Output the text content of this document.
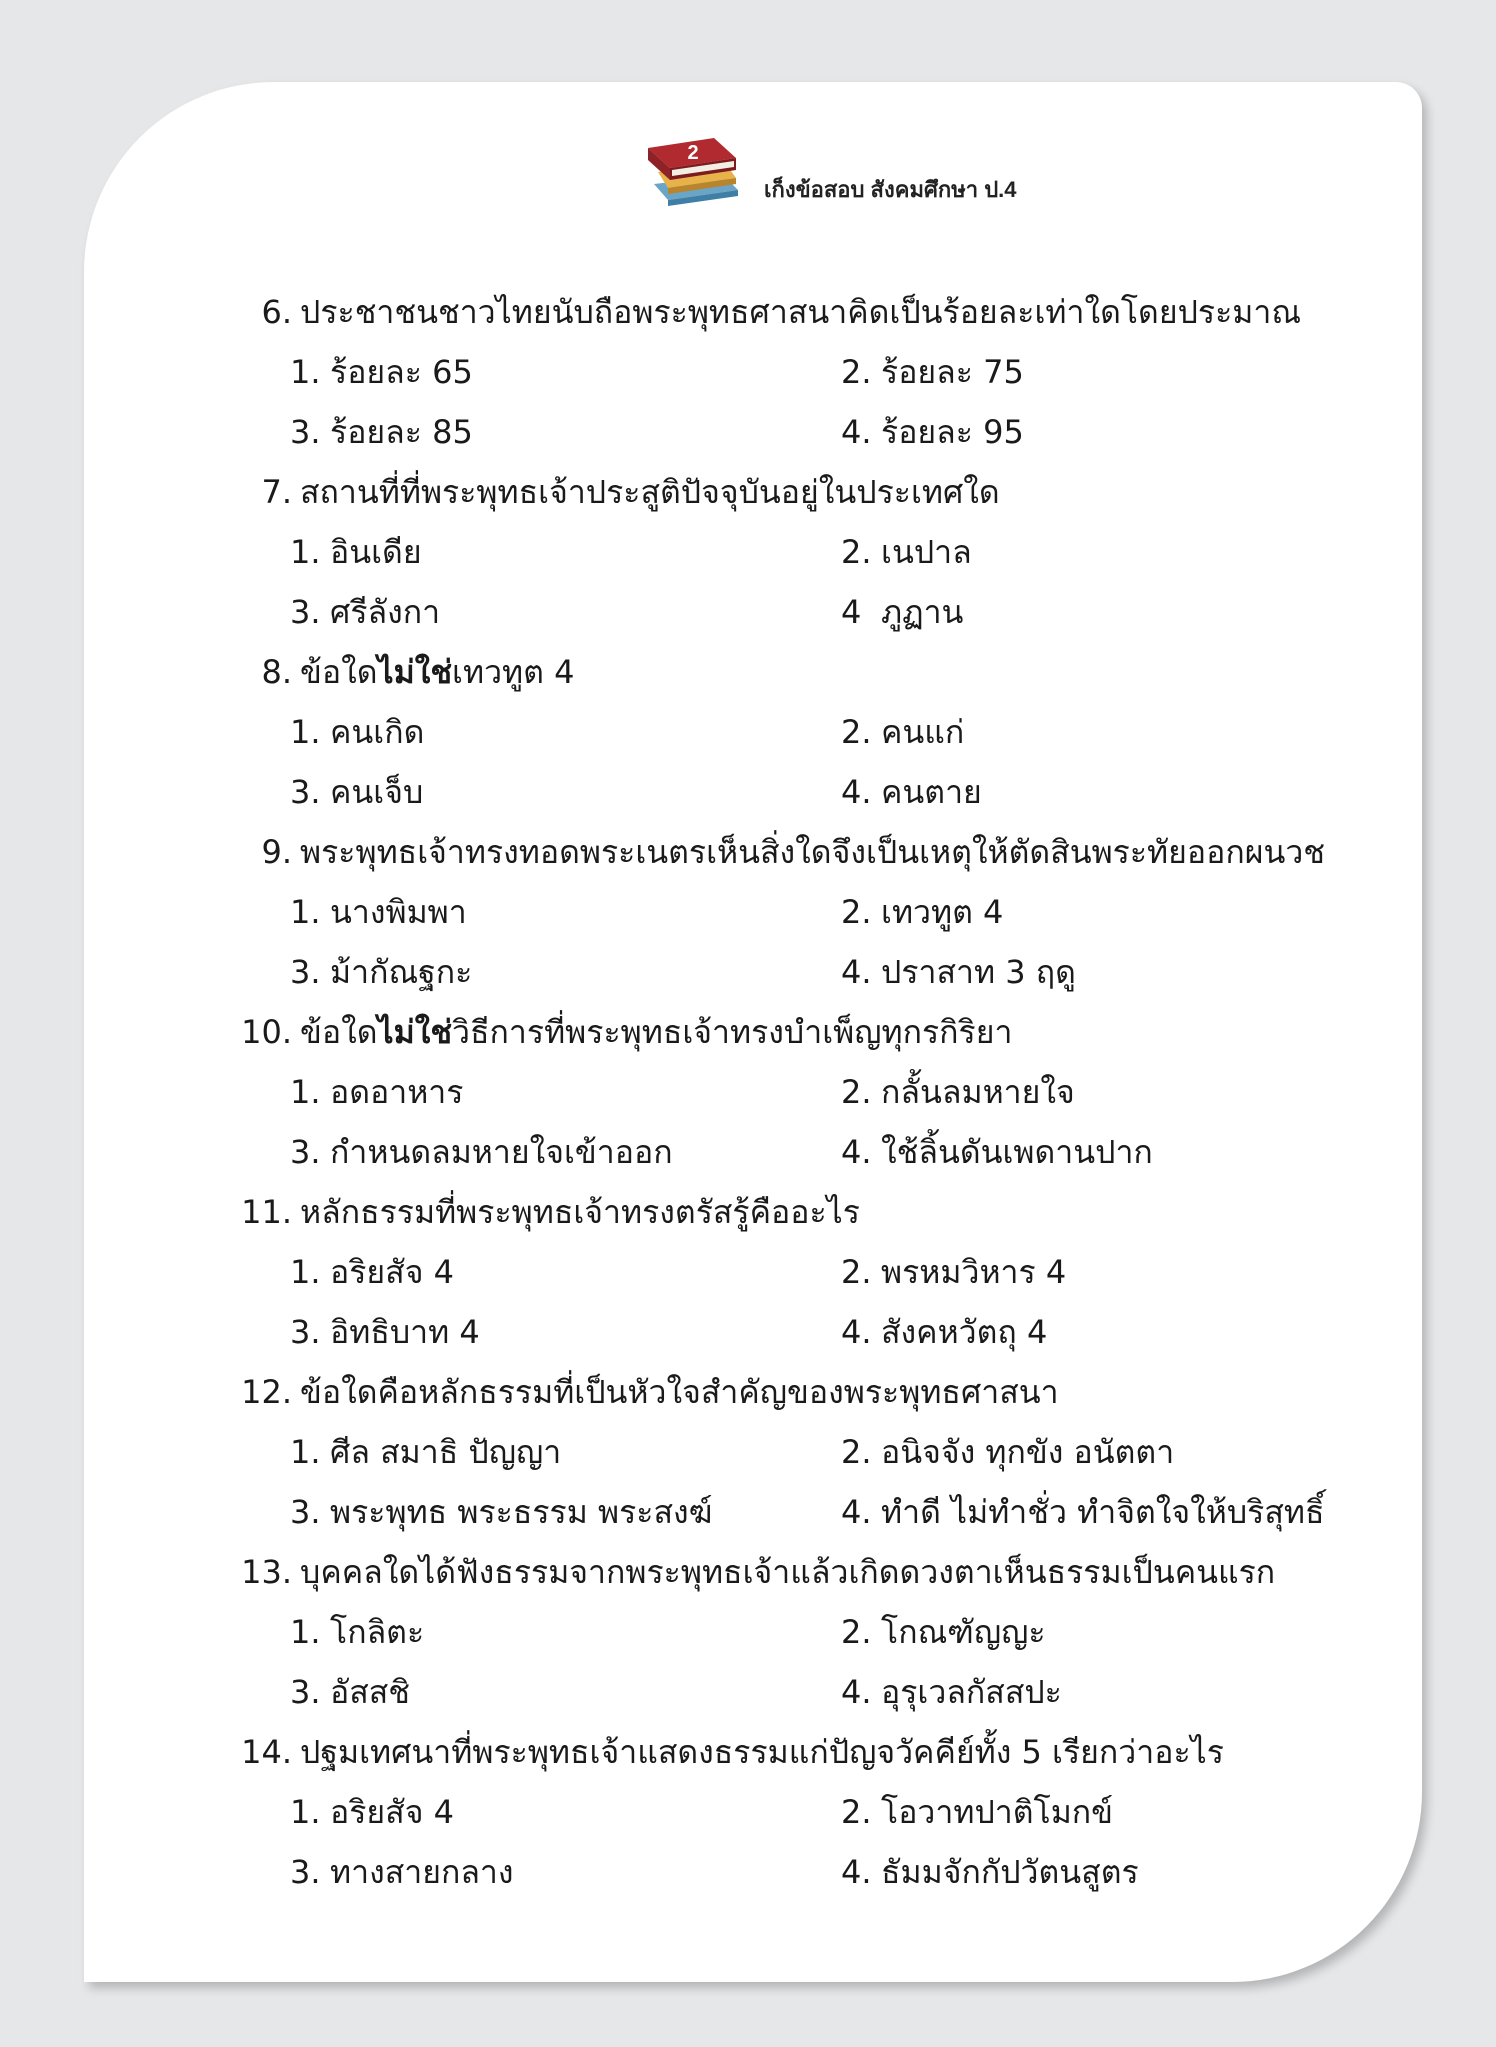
2
เก็งข้อสอบ สังคมศึกษา ป.4
6. ประชาชนชาวไทยนับถือพระพุทธศาสนาคิดเป็นร้อยละเท่าใดโดยประมาณ
1. ร้อยละ 65	2. ร้อยละ 75
3. ร้อยละ 85	4. ร้อยละ 95
7. สถานที่ที่พระพุทธเจ้าประสูติปัจจุบันอยู่ในประเทศใด
1. อินเดีย	2. เนปาล
3. ศรีลังกา	4 ภูฏาน
8. ข้อใดไม่ใช่เทวทูต 4
1. คนเกิด	2. คนแก่
3. คนเจ็บ	4. คนตาย
9. พระพุทธเจ้าทรงทอดพระเนตรเห็นสิ่งใดจึงเป็นเหตุให้ตัดสินพระทัยออกผนวช
1. นางพิมพา	2. เทวทูต 4
3. ม้ากัณฐกะ	4. ปราสาท 3 ฤดู
10. ข้อใดไม่ใช่วิธีการที่พระพุทธเจ้าทรงบำเพ็ญทุกรกิริยา
1. อดอาหาร	2. กลั้นลมหายใจ
3. กำหนดลมหายใจเข้าออก	4. ใช้ลิ้นดันเพดานปาก
11. หลักธรรมที่พระพุทธเจ้าทรงตรัสรู้คืออะไร
1. อริยสัจ 4	2. พรหมวิหาร 4
3. อิทธิบาท 4	4. สังคหวัตถุ 4
12. ข้อใดคือหลักธรรมที่เป็นหัวใจสำคัญของพระพุทธศาสนา
1. ศีล สมาธิ ปัญญา	2. อนิจจัง ทุกขัง อนัตตา
3. พระพุทธ พระธรรม พระสงฆ์	4. ทำดี ไม่ทำชั่ว ทำจิตใจให้บริสุทธิ์
13. บุคคลใดได้ฟังธรรมจากพระพุทธเจ้าแล้วเกิดดวงตาเห็นธรรมเป็นคนแรก
1. โกลิตะ	2. โกณฑัญญะ
3. อัสสชิ	4. อุรุเวลกัสสปะ
14. ปฐมเทศนาที่พระพุทธเจ้าแสดงธรรมแก่ปัญจวัคคีย์ทั้ง 5 เรียกว่าอะไร
1. อริยสัจ 4	2. โอวาทปาติโมกข์
3. ทางสายกลาง	4. ธัมมจักกัปวัตนสูตร
